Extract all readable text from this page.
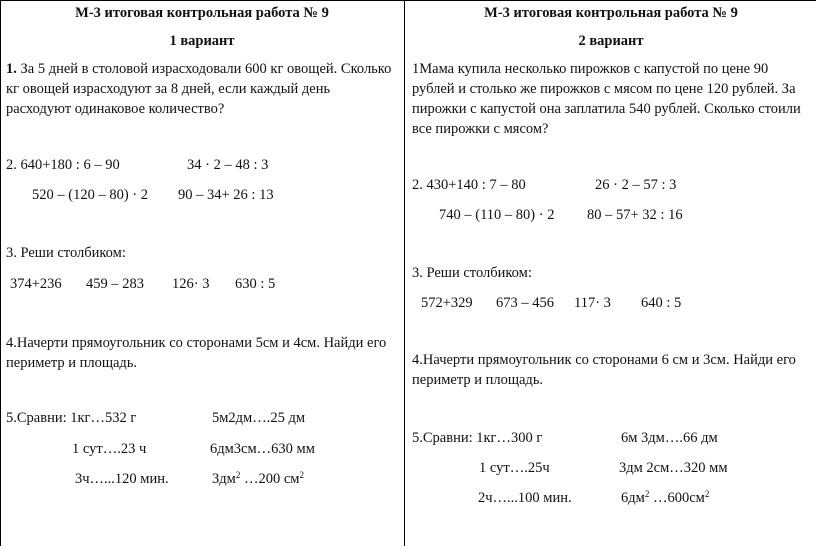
М-3 итоговая контрольная работа № 9
1 вариант
1. За 5 дней в столовой израсходовали 600 кг овощей. Сколько кг овощей израсходуют за 8 дней, если каждый день расходуют одинаковое количество?
2. 640+180 : 6 – 90	34 · 2 – 48 : 3
520 – (120 – 80) · 2 90 – 34+ 26 : 13
3. Реши столбиком:
374+236 459 – 283 126· 3 630 : 5
4.Начерти прямоугольник со сторонами 5см и 4см. Найди его периметр и площадь.
5.Сравни: 1кг…532 г	5м2дм….25 дм
1 сут….23 ч	6дм3см…630 мм
3ч…...120 мин.	$3дм^2$ …200 $см^2$
М-3 итоговая контрольная работа № 9
2 вариант
1Мама купила несколько пирожков с капустой по цене 90 рублей и столько же пирожков с мясом по цене 120 рублей. За пирожки с капустой она заплатила 540 рублей. Сколько стоили все пирожки с мясом?
2. 430+140 : 7 – 80	26 · 2 – 57 : 3
740 – (110 – 80) · 2 80 – 57+ 32 : 16
3. Реши столбиком:
572+329 673 – 456 117· 3 640 : 5
4.Начерти прямоугольник со сторонами 6 см и 3см. Найди его периметр и площадь.
5.Сравни: 1кг…300 г	6м 3дм….66 дм
1 сут….25ч	3дм 2см…320 мм
2ч…...100 мин.	$6дм^2$ $\dots 600см^2$
